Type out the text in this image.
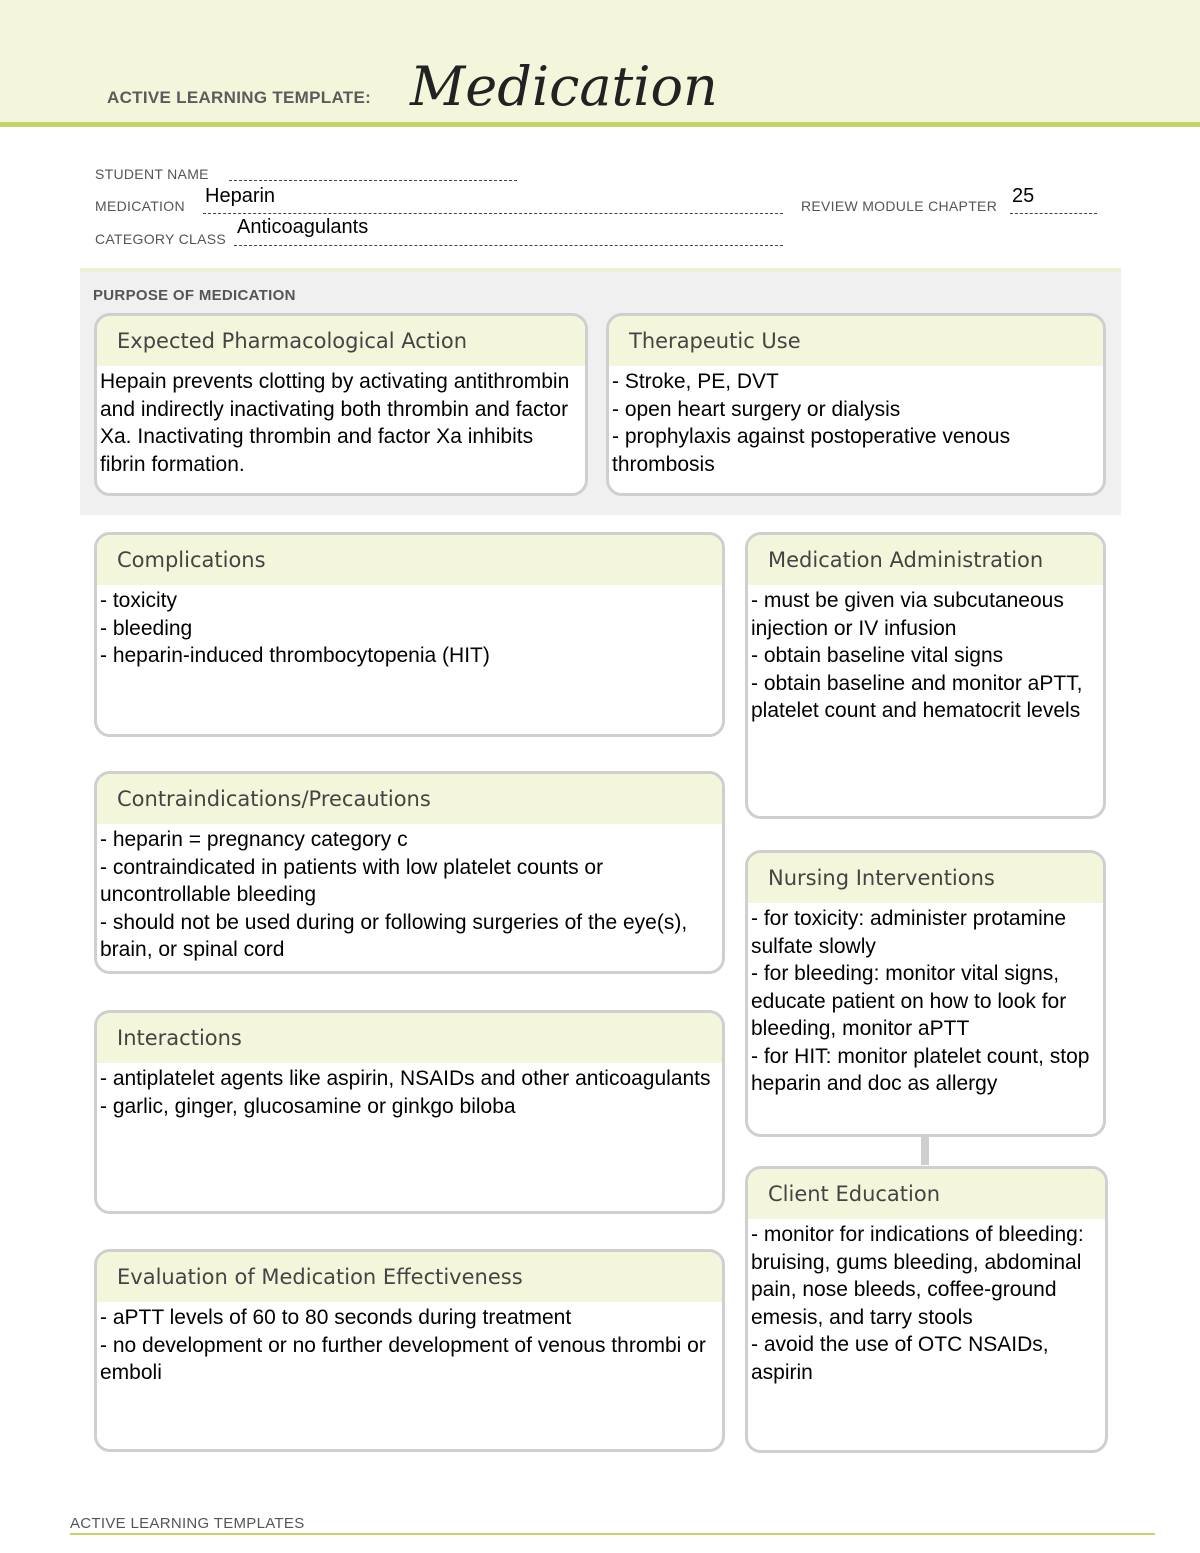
ACTIVE LEARNING TEMPLATE: Medication
STUDENT NAME
MEDICATION Heparin	REVIEW MODULE CHAPTER 25
CATEGORY CLASS
Anticoagulants
PURPOSE OF MEDICATION
Expected Pharmacological Action
Hepain prevents clotting by activating antithrombin and indirectly inactivating both thrombin and factor Xa. Inactivating thrombin and factor Xa inhibits fibrin formation.
Therapeutic Use
- Stroke, PE, DVT
- open heart surgery or dialysis
- prophylaxis against postoperative venous thrombosis
Complications
- toxicity
- bleeding
- heparin-induced thrombocytopenia (HIT)
Contraindications/Precautions
- heparin = pregnancy category c
- contraindicated in patients with low platelet counts or uncontrollable bleeding
- should not be used during or following surgeries of the eye(s), brain, or spinal cord
Interactions
- antiplatelet agents like aspirin, NSAIDs and other anticoagulants
- garlic, ginger, glucosamine or ginkgo biloba
Evaluation of Medication Effectiveness
- aPTT levels of 60 to 80 seconds during treatment
- no development or no further development of venous thrombi or emboli
Medication Administration
- must be given via subcutaneous injection or IV infusion
- obtain baseline vital signs
- obtain baseline and monitor aPTT, platelet count and hematocrit levels
Nursing Interventions
- for toxicity: administer protamine sulfate slowly
- for bleeding: monitor vital signs, educate patient on how to look for bleeding, monitor aPTT
- for HIT: monitor platelet count, stop heparin and doc as allergy
Client Education
- monitor for indications of bleeding: bruising, gums bleeding, abdominal pain, nose bleeds, coffee-ground emesis, and tarry stools
- avoid the use of OTC NSAIDs, aspirin
ACTIVE LEARNING TEMPLATES
